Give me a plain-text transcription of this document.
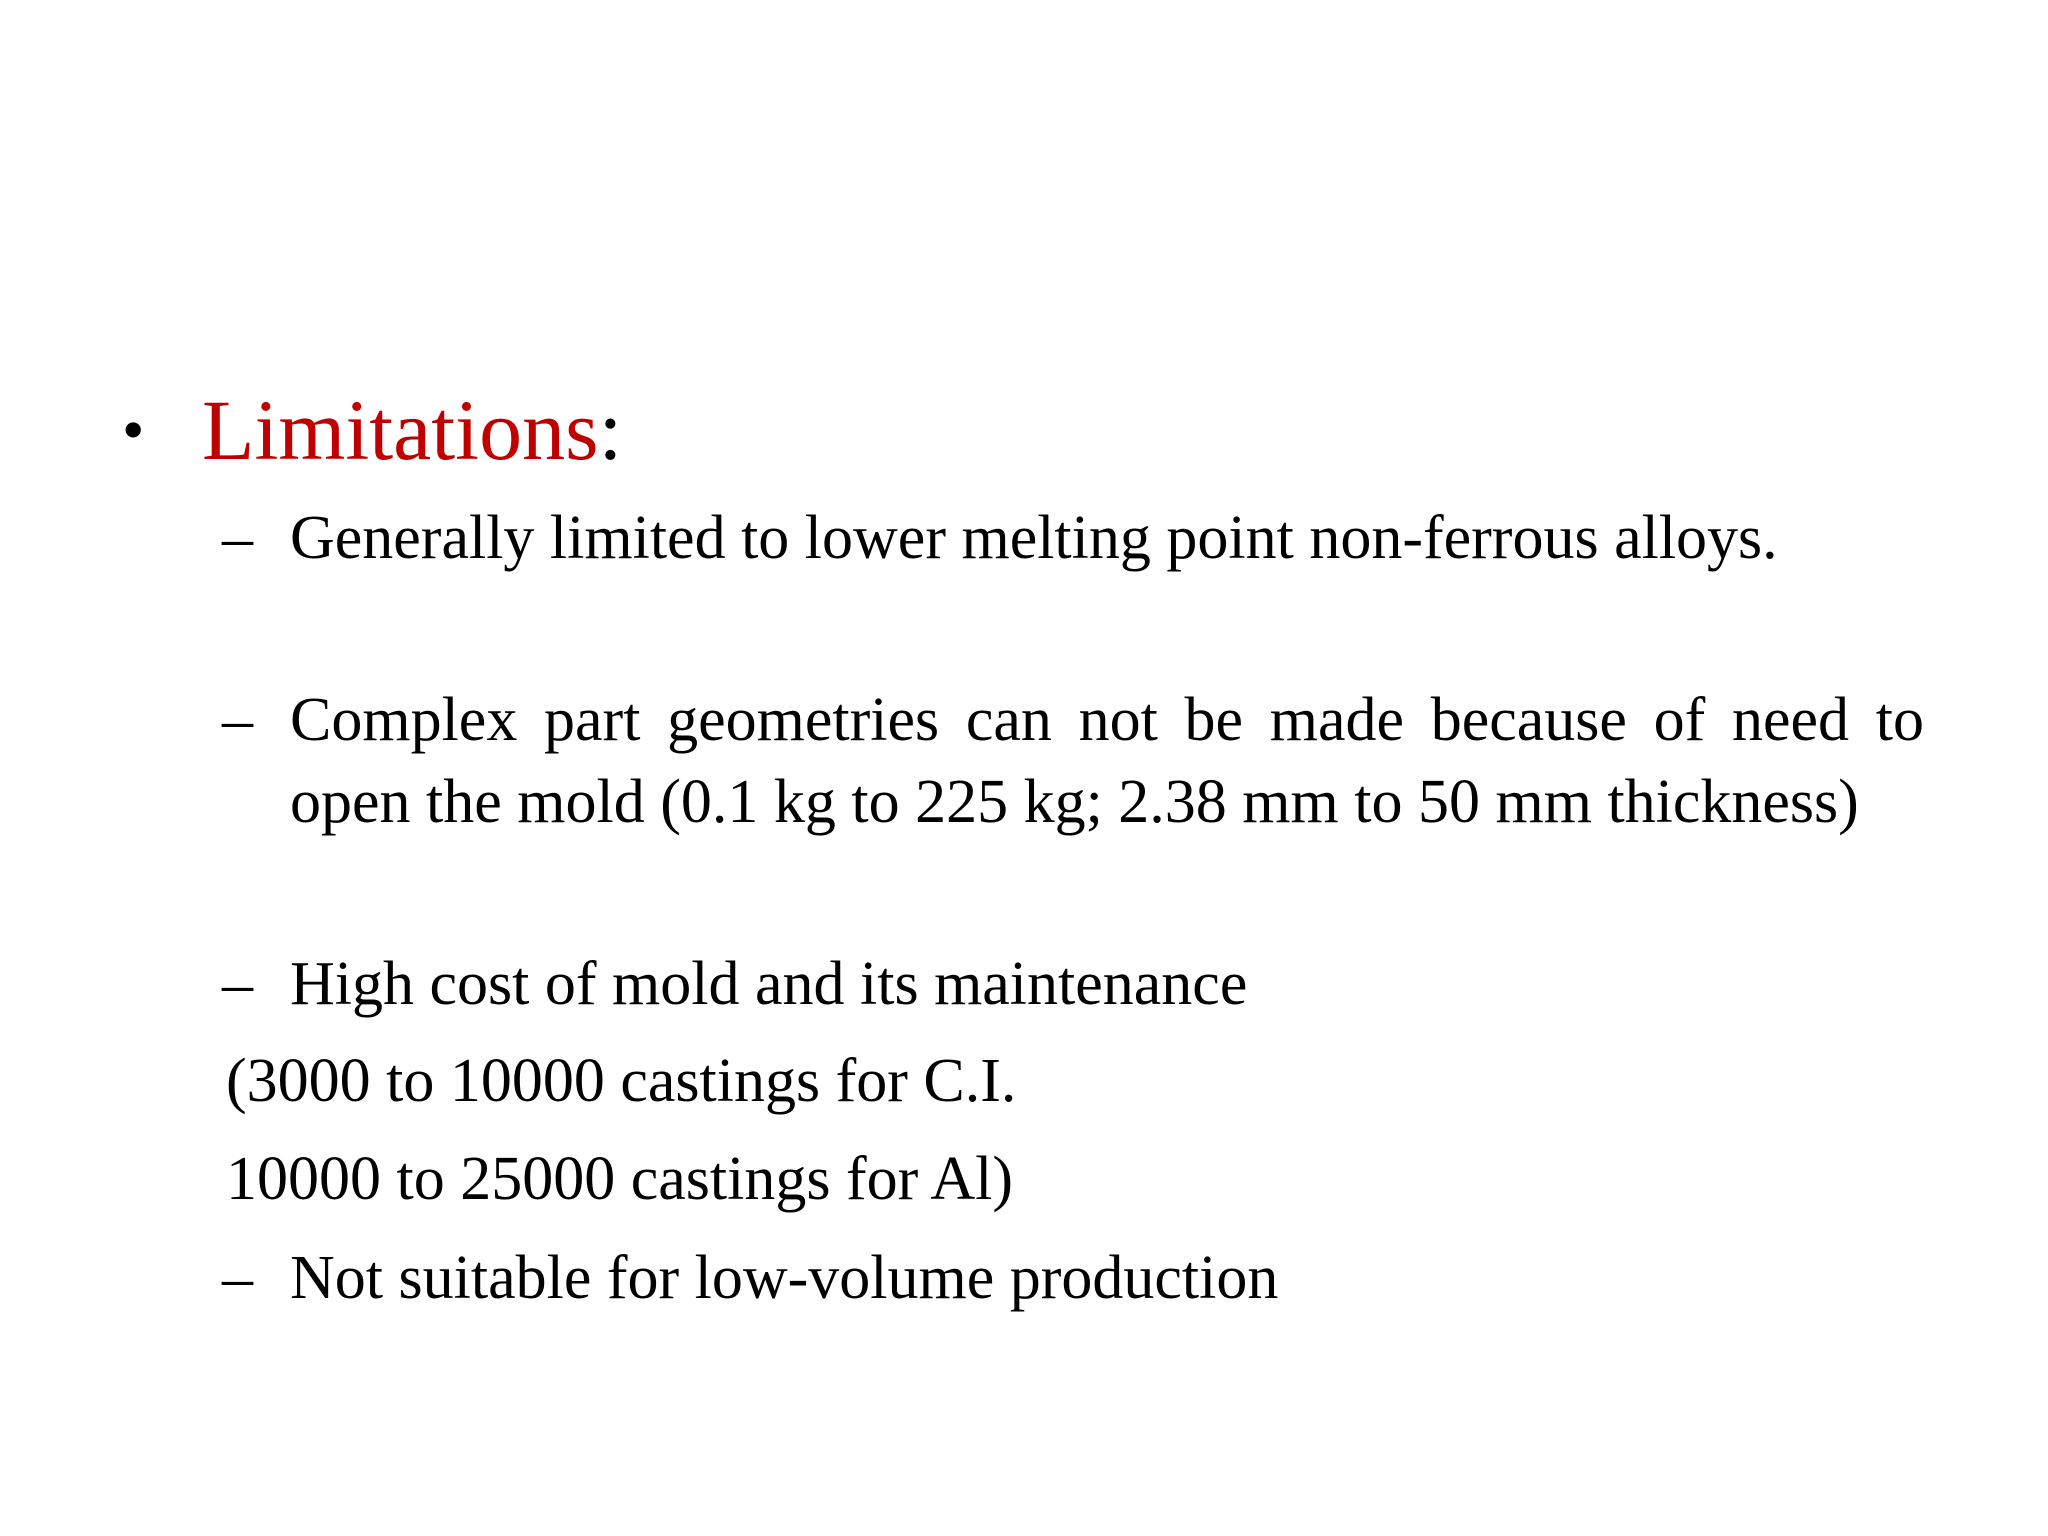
• Limitations:
– Generally limited to lower melting point non-ferrous alloys.
– Complex part geometries can not be made because of need to open the mold (0.1 kg to 225 kg; 2.38 mm to 50 mm thickness)
– High cost of mold and its maintenance
(3000 to 10000 castings for C.I.
10000 to 25000 castings for Al)
– Not suitable for low-volume production
